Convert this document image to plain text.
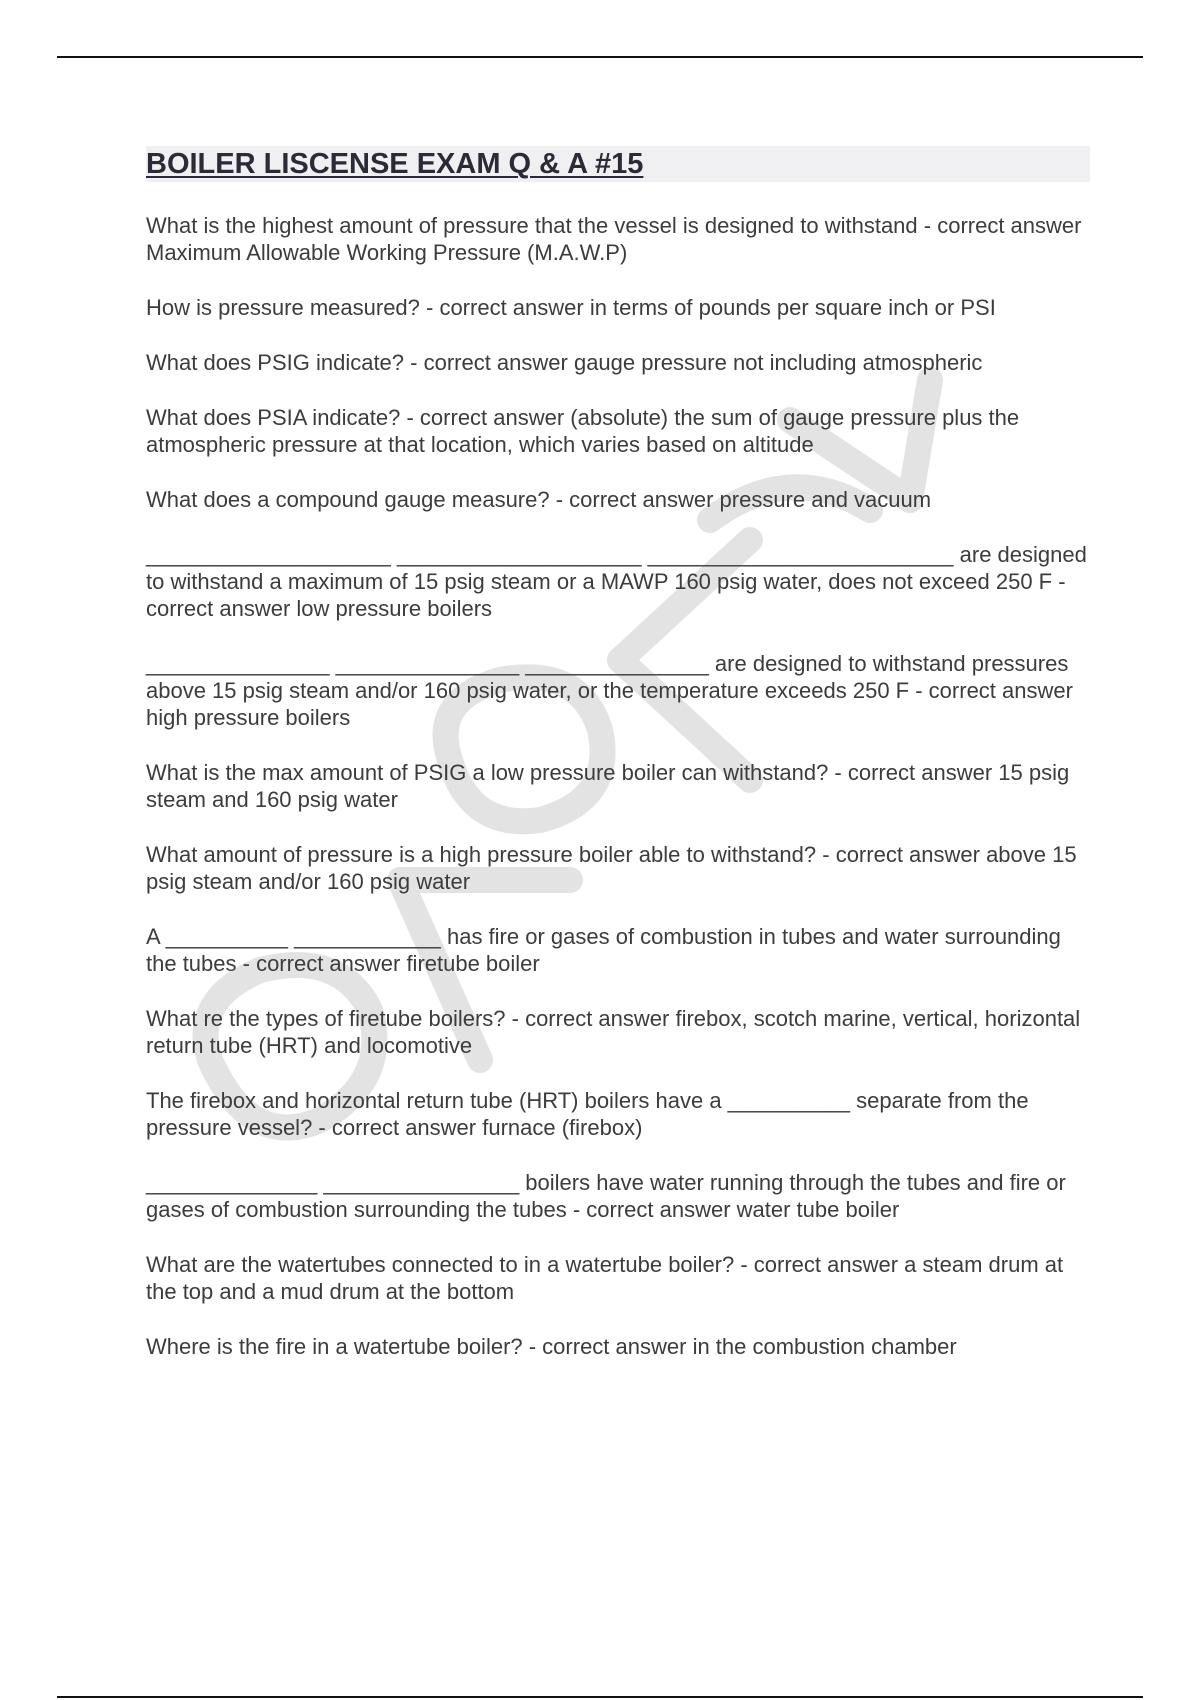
BOILER LISCENSE EXAM Q & A #15

What is the highest amount of pressure that the vessel is designed to withstand - correct answer Maximum Allowable Working Pressure (M.A.W.P)

How is pressure measured? - correct answer in terms of pounds per square inch or PSI

What does PSIG indicate? - correct answer gauge pressure not including atmospheric

What does PSIA indicate? - correct answer (absolute) the sum of gauge pressure plus the atmospheric pressure at that location, which varies based on altitude

What does a compound gauge measure? - correct answer pressure and vacuum

____________________ ____________________ _________________________ are designed to withstand a maximum of 15 psig steam or a MAWP 160 psig water, does not exceed 250 F - correct answer low pressure boilers

_______________ _______________ _______________ are designed to withstand pressures above 15 psig steam and/or 160 psig water, or the temperature exceeds 250 F - correct answer high pressure boilers

What is the max amount of PSIG a low pressure boiler can withstand? - correct answer 15 psig steam and 160 psig water

What amount of pressure is a high pressure boiler able to withstand? - correct answer above 15 psig steam and/or 160 psig water

A __________ ____________ has fire or gases of combustion in tubes and water surrounding the tubes - correct answer firetube boiler

What re the types of firetube boilers? - correct answer firebox, scotch marine, vertical, horizontal return tube (HRT) and locomotive

The firebox and horizontal return tube (HRT) boilers have a __________ separate from the pressure vessel? - correct answer furnace (firebox)

______________ ________________ boilers have water running through the tubes and fire or gases of combustion surrounding the tubes - correct answer water tube boiler

What are the watertubes connected to in a watertube boiler? - correct answer a steam drum at the top and a mud drum at the bottom

Where is the fire in a watertube boiler? - correct answer in the combustion chamber
